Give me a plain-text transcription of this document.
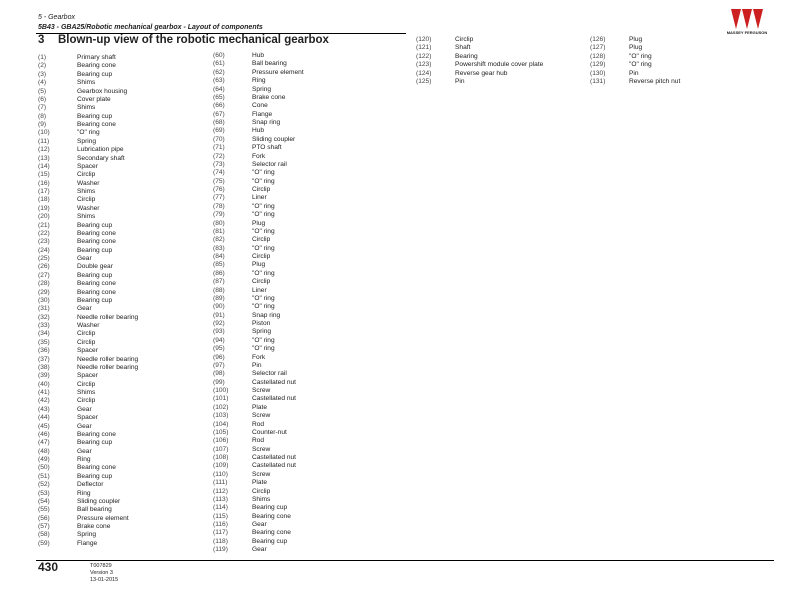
5 - Gearbox
5B43 - GBA25/Robotic mechanical gearbox - Layout of components
MASSEY FERGUSON
3 Blown-up view of the robotic mechanical gearbox
(1)	Primary shaft
(2)	Bearing cone
(3)	Bearing cup
(4)	Shims
(5)	Gearbox housing
(6)	Cover plate
(7)	Shims
(8)	Bearing cup
(9)	Bearing cone
(10)	"O" ring
(11)	Spring
(12)	Lubrication pipe
(13)	Secondary shaft
(14)	Spacer
(15)	Circlip
(16)	Washer
(17)	Shims
(18)	Circlip
(19)	Washer
(20)	Shims
(21)	Bearing cup
(22)	Bearing cone
(23)	Bearing cone
(24)	Bearing cup
(25)	Gear
(26)	Double gear
(27)	Bearing cup
(28)	Bearing cone
(29)	Bearing cone
(30)	Bearing cup
(31)	Gear
(32)	Needle roller bearing
(33)	Washer
(34)	Circlip
(35)	Circlip
(36)	Spacer
(37)	Needle roller bearing
(38)	Needle roller bearing
(39)	Spacer
(40)	Circlip
(41)	Shims
(42)	Circlip
(43)	Gear
(44)	Spacer
(45)	Gear
(46)	Bearing cone
(47)	Bearing cup
(48)	Gear
(49)	Ring
(50)	Bearing cone
(51)	Bearing cup
(52)	Deflector
(53)	Ring
(54)	Sliding coupler
(55)	Ball bearing
(56)	Pressure element
(57)	Brake cone
(58)	Spring
(59)	Flange
(60)	Hub
(61)	Ball bearing
(62)	Pressure element
(63)	Ring
(64)	Spring
(65)	Brake cone
(66)	Cone
(67)	Flange
(68)	Snap ring
(69)	Hub
(70)	Sliding coupler
(71)	PTO shaft
(72)	Fork
(73)	Selector rail
(74)	"O" ring
(75)	"O" ring
(76)	Circlip
(77)	Liner
(78)	"O" ring
(79)	"O" ring
(80)	Plug
(81)	"O" ring
(82)	Circlip
(83)	"O" ring
(84)	Circlip
(85)	Plug
(86)	"O" ring
(87)	Circlip
(88)	Liner
(89)	"O" ring
(90)	"O" ring
(91)	Snap ring
(92)	Piston
(93)	Spring
(94)	"O" ring
(95)	"O" ring
(96)	Fork
(97)	Pin
(98)	Selector rail
(99)	Castellated nut
(100)	Screw
(101)	Castellated nut
(102)	Plate
(103)	Screw
(104)	Rod
(105)	Counter-nut
(106)	Rod
(107)	Screw
(108)	Castellated nut
(109)	Castellated nut
(110)	Screw
(111)	Plate
(112)	Circlip
(113)	Shims
(114)	Bearing cup
(115)	Bearing cone
(116)	Gear
(117)	Bearing cone
(118)	Bearing cup
(119)	Gear
(120)	Circlip
(121)	Shaft
(122)	Bearing
(123)	Powershift module cover plate
(124)	Reverse gear hub
(125)	Pin
(126)	Plug
(127)	Plug
(128)	"O" ring
(129)	"O" ring
(130)	Pin
(131)	Reverse pitch nut
430	T007829
Version 3
13-01-2015
